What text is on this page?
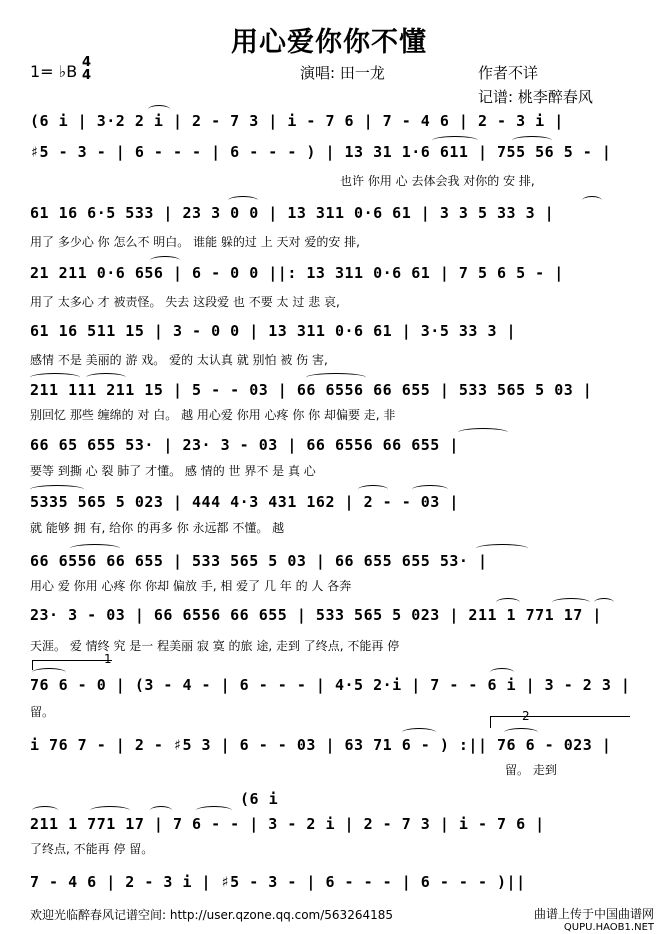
用心爱你你不懂
1= ♭B 4
4	演唱: 田一龙	作者不详
记谱: 桃李醉春风
(6 i | 3·2 2 i | 2 - 7 3 | i - 7 6 | 7 - 4 6 | 2 - 3 i |
♯5 - 3 - | 6 - - - | 6 - - - ) | 13 31 1·6 611 | 755 56 5 - |
也许 你用 心 去体会我 对你的 安 排,
61 16 6·5 533 | 23 3 0 0 | 13 311 0·6 61 | 3 3 5 33 3 |
用了 多少心 你 怎么不 明白。 谁能 躲的过 上 天对 爱的安 排,
21 211 0·6 656 | 6 - 0 0 ||: 13 311 0·6 61 | 7 5 6 5 - |
用了 太多心 才 被责怪。 失去 这段爱 也 不要 太 过 悲 哀,
61 16 511 15 | 3 - 0 0 | 13 311 0·6 61 | 3·5 33 3 |
感情 不是 美丽的 游 戏。 爱的 太认真 就 别怕 被 伤 害,
211 111 211 15 | 5 - - 03 | 66 6556 66 655 | 533 565 5 03 |
别回忆 那些 缠绵的 对 白。 越 用心爱 你用 心疼 你 你 却偏要 走, 非
66 65 655 53· | 23· 3 - 03 | 66 6556 66 655 |
要等 到撕 心 裂 肺了 才懂。 感 情的 世 界不 是 真 心
5335 565 5 023 | 444 4·3 431 162 | 2 - - 03 |
就 能够 拥 有, 给你 的再多 你 永远都 不懂。 越
66 6556 66 655 | 533 565 5 03 | 66 655 655 53· |
用心 爱 你用 心疼 你 你却 偏放 手, 相 爱了 几 年 的 人 各奔
23· 3 - 03 | 66 6556 66 655 | 533 565 5 023 | 211 1 771 17 |
天涯。 爱 情终 究 是一 程美丽 寂 寞 的旅 途, 走到 了终点, 不能再 停
1
76 6 - 0 | (3 - 4 - | 6 - - - | 4·5 2·i | 7 - - 6 i | 3 - 2 3 |
留。	2
i 76 7 - | 2 - ♯5 3 | 6 - - 03 | 63 71 6 - ) :|| 76 6 - 023 |
留。 走到
(6 i
211 1 771 17 | 7 6 - - | 3 - 2 i | 2 - 7 3 | i - 7 6 |
了终点, 不能再 停 留。
7 - 4 6 | 2 - 3 i | ♯5 - 3 - | 6 - - - | 6 - - - )||
欢迎光临醉春风记谱空间: http://user.qzone.qq.com/563264185	曲谱上传于中国曲谱网
QUPU.HAOB1.NET
